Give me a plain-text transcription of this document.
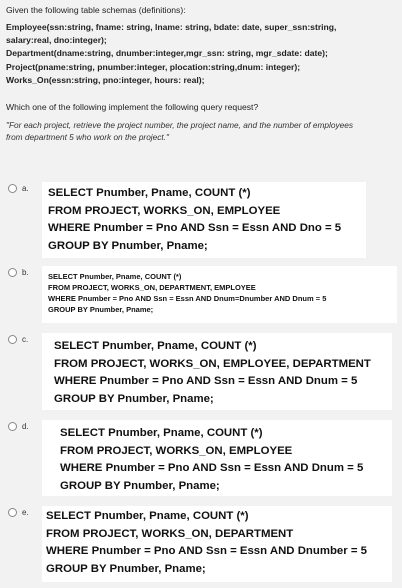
Given the following table schemas (definitions):
Employee(ssn:string, fname: string, lname: string, bdate: date, super_ssn:string,
salary:real, dno:integer);
Department(dname:string, dnumber:integer,mgr_ssn: string, mgr_sdate: date);
Project(pname:string, pnumber:integer, plocation:string,dnum: integer);
Works_On(essn:string, pno:integer, hours: real);
Which one of the following implement the following query request?
"For each project, retrieve the project number, the project name, and the number of employees
from department 5 who work on the project."
a. SELECT Pnumber, Pname, COUNT (*)
FROM PROJECT, WORKS_ON, EMPLOYEE
WHERE Pnumber = Pno AND Ssn = Essn AND Dno = 5
GROUP BY Pnumber, Pname;
b.	SELECT Pnumber, Pname, COUNT (*)
FROM PROJECT, WORKS_ON, DEPARTMENT, EMPLOYEE
WHERE Pnumber = Pno AND Ssn = Essn AND Dnum=Dnumber AND Dnum = 5
GROUP BY Pnumber, Pname;
c.
SELECT Pnumber, Pname, COUNT (*)
FROM PROJECT, WORKS_ON, EMPLOYEE, DEPARTMENT
WHERE Pnumber = Pno AND Ssn = Essn AND Dnum = 5
GROUP BY Pnumber, Pname;
d.
SELECT Pnumber, Pname, COUNT (*)
FROM PROJECT, WORKS_ON, EMPLOYEE
WHERE Pnumber = Pno AND Ssn = Essn AND Dnum = 5
GROUP BY Pnumber, Pname;
e. SELECT Pnumber, Pname, COUNT (*)
FROM PROJECT, WORKS_ON, DEPARTMENT
WHERE Pnumber = Pno AND Ssn = Essn AND Dnumber = 5
GROUP BY Pnumber, Pname;
